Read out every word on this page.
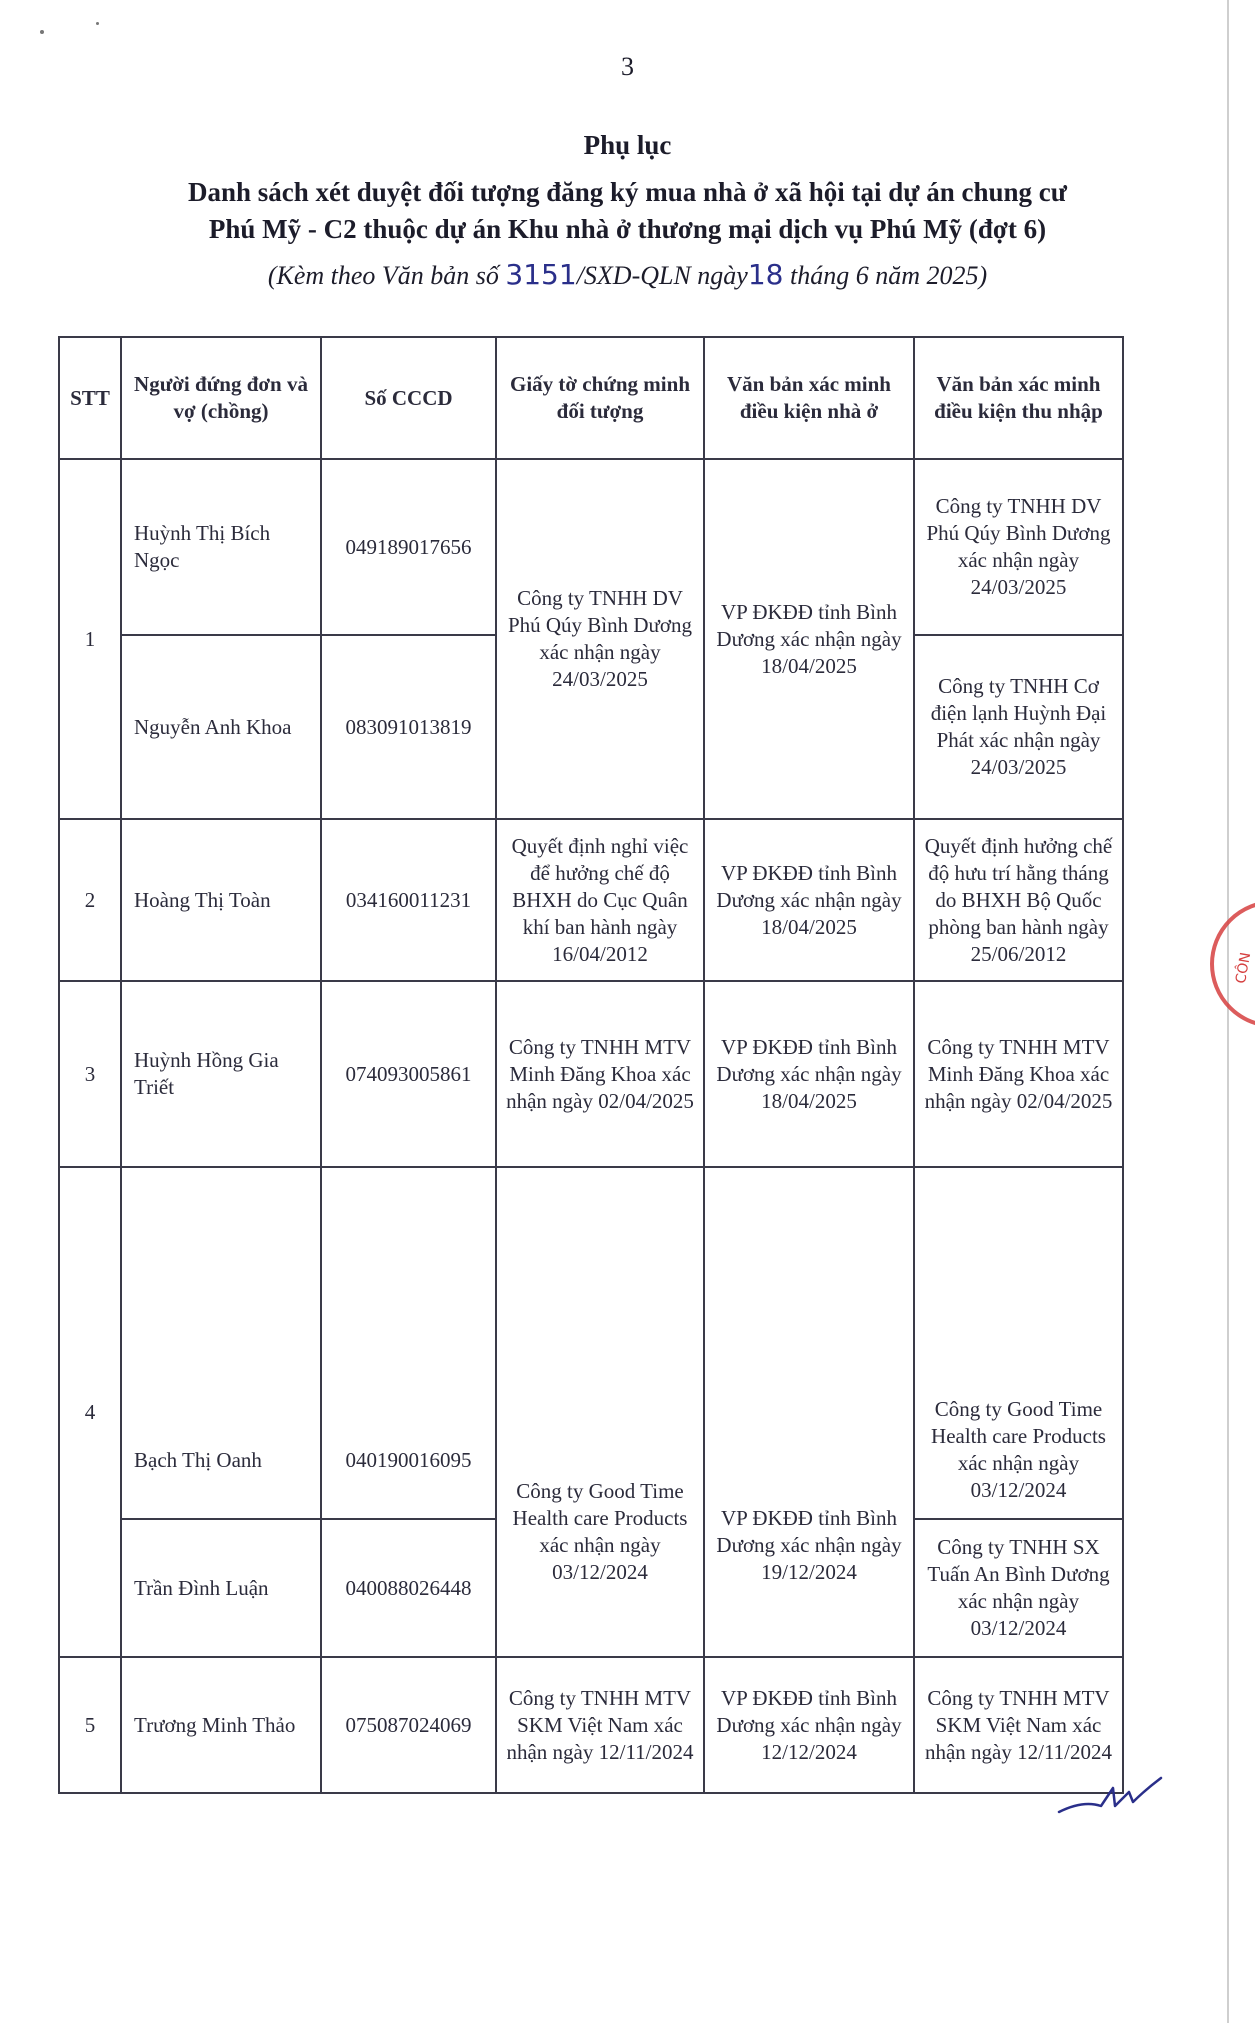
3
Phụ lục
Danh sách xét duyệt đối tượng đăng ký mua nhà ở xã hội tại dự án chung cư
Phú Mỹ - C2 thuộc dự án Khu nhà ở thương mại dịch vụ Phú Mỹ (đợt 6)
(Kèm theo Văn bản số 3151/SXD-QLN ngày18 tháng 6 năm 2025)
STT	Người đứng đơn và vợ (chồng)	Số CCCD	Giấy tờ chứng minh đối tượng	Văn bản xác minh điều kiện nhà ở	Văn bản xác minh điều kiện thu nhập
1	Huỳnh Thị Bích Ngọc	049189017656	Công ty TNHH DV Phú Qúy Bình Dương xác nhận ngày 24/03/2025	VP ĐKĐĐ tỉnh Bình Dương xác nhận ngày 18/04/2025	Công ty TNHH DV Phú Qúy Bình Dương xác nhận ngày 24/03/2025
	Nguyễn Anh Khoa	083091013819			Công ty TNHH Cơ điện lạnh Huỳnh Đại Phát xác nhận ngày 24/03/2025
2	Hoàng Thị Toàn	034160011231	Quyết định nghỉ việc để hưởng chế độ BHXH do Cục Quân khí ban hành ngày 16/04/2012	VP ĐKĐĐ tỉnh Bình Dương xác nhận ngày 18/04/2025	Quyết định hưởng chế độ hưu trí hằng tháng do BHXH Bộ Quốc phòng ban hành ngày 25/06/2012
3	Huỳnh Hồng Gia Triết	074093005861	Công ty TNHH MTV Minh Đăng Khoa xác nhận ngày 02/04/2025	VP ĐKĐĐ tỉnh Bình Dương xác nhận ngày 18/04/2025	Công ty TNHH MTV Minh Đăng Khoa xác nhận ngày 02/04/2025
4	Bạch Thị Oanh	040190016095	Công ty Good Time Health care Products xác nhận ngày 03/12/2024	VP ĐKĐĐ tỉnh Bình Dương xác nhận ngày 19/12/2024	Công ty Good Time Health care Products xác nhận ngày 03/12/2024
	Trần Đình Luận	040088026448			Công ty TNHH SX Tuấn An Bình Dương xác nhận ngày 03/12/2024
5	Trương Minh Thảo	075087024069	Công ty TNHH MTV SKM Việt Nam xác nhận ngày 12/11/2024	VP ĐKĐĐ tỉnh Bình Dương xác nhận ngày 12/12/2024	Công ty TNHH MTV SKM Việt Nam xác nhận ngày 12/11/2024
CÔN
